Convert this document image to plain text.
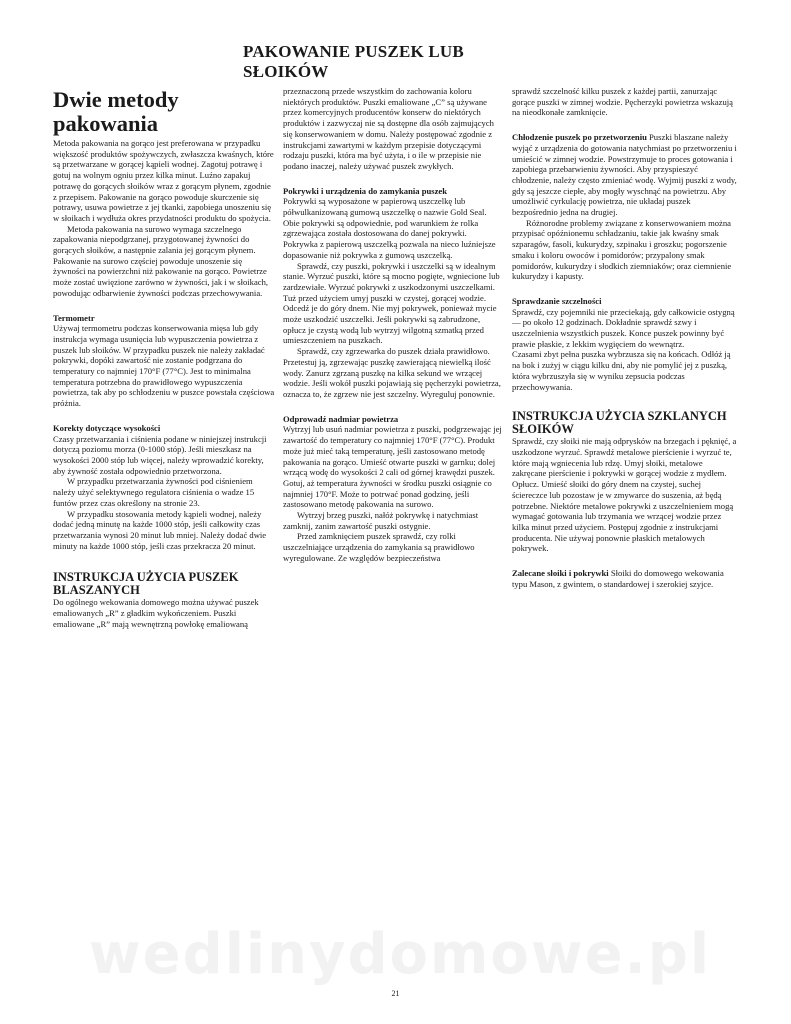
PAKOWANIE PUSZEK LUB
SŁOIKÓW
Dwie metody pakowania

Metoda pakowania na gorąco jest preferowana w przypadku większość produktów spożywczych, zwłaszcza kwaśnych, które są przetwarzane w gorącej kąpieli wodnej. Zagotuj potrawę i gotuj na wolnym ogniu przez kilka minut. Luźno zapakuj potrawę do gorących słoików wraz z gorącym płynem, zgodnie z przepisem. Pakowanie na gorąco powoduje skurczenie się potrawy, usuwa powietrze z jej tkanki, zapobiega unoszeniu się w słoikach i wydłuża okres przydatności produktu do spożycia.

Metoda pakowania na surowo wymaga szczelnego zapakowania niepodgrzanej, przygotowanej żywności do gorących słoików, a następnie zalania jej gorącym płynem. Pakowanie na surowo częściej powoduje unoszenie się żywności na powierzchni niż pakowanie na gorąco. Powietrze może zostać uwięzione zarówno w żywności, jak i w słoikach, powodując odbarwienie żywności podczas przechowywania.

Termometr

Używaj termometru podczas konserwowania mięsa lub gdy instrukcja wymaga usunięcia lub wypuszczenia powietrza z puszek lub słoików. W przypadku puszek nie należy zakładać pokrywki, dopóki zawartość nie zostanie podgrzana do temperatury co najmniej 170°F (77°C). Jest to minimalna temperatura potrzebna do prawidłowego wypuszczenia powietrza, tak aby po schłodzeniu w puszce powstała częściowa próżnia.

Korekty dotyczące wysokości

Czasy przetwarzania i ciśnienia podane w niniejszej instrukcji dotyczą poziomu morza (0-1000 stóp). Jeśli mieszkasz na wysokości 2000 stóp lub więcej, należy wprowadzić korekty, aby żywność została odpowiednio przetworzona.

W przypadku przetwarzania żywności pod ciśnieniem należy użyć selektywnego regulatora ciśnienia o wadze 15 funtów przez czas określony na stronie 23.

W przypadku stosowania metody kąpieli wodnej, należy dodać jedną minutę na każde 1000 stóp, jeśli całkowity czas przetwarzania wynosi 20 minut lub mniej. Należy dodać dwie minuty na każde 1000 stóp, jeśli czas przekracza 20 minut.

INSTRUKCJA UŻYCIA PUSZEK BLASZANYCH

Do ogólnego wekowania domowego można używać puszek emaliowanych „R” z gładkim wykończeniem. Puszki emaliowane „R” mają wewnętrzną powłokę emaliowaną

przeznaczoną przede wszystkim do zachowania koloru niektórych produktów. Puszki emaliowane „C” są używane przez komercyjnych producentów konserw do niektórych produktów i zazwyczaj nie są dostępne dla osób zajmujących się konserwowaniem w domu. Należy postępować zgodnie z instrukcjami zawartymi w każdym przepisie dotyczącymi rodzaju puszki, która ma być użyta, i o ile w przepisie nie podano inaczej, należy używać puszek zwykłych.

Pokrywki i urządzenia do zamykania puszek

Pokrywki są wyposażone w papierową uszczelkę lub półwulkanizowaną gumową uszczelkę o nazwie Gold Seal. Obie pokrywki są odpowiednie, pod warunkiem że rolka zgrzewająca została dostosowana do danej pokrywki. Pokrywka z papierową uszczelką pozwala na nieco luźniejsze dopasowanie niż pokrywka z gumową uszczelką.

Sprawdź, czy puszki, pokrywki i uszczelki są w idealnym stanie. Wyrzuć puszki, które są mocno pogięte, wgniecione lub zardzewiałe. Wyrzuć pokrywki z uszkodzonymi uszczelkami.

Tuż przed użyciem umyj puszki w czystej, gorącej wodzie. Odcedź je do góry dnem. Nie myj pokrywek, ponieważ mycie może uszkodzić uszczelki. Jeśli pokrywki są zabrudzone, opłucz je czystą wodą lub wytrzyj wilgotną szmatką przed umieszczeniem na puszkach.

Sprawdź, czy zgrzewarka do puszek działa prawidłowo. Przetestuj ją, zgrzewając puszkę zawierającą niewielką ilość wody. Zanurz zgrzaną puszkę na kilka sekund we wrzącej wodzie. Jeśli wokół puszki pojawiają się pęcherzyki powietrza, oznacza to, że zgrzew nie jest szczelny. Wyreguluj ponownie.

Odprowadź nadmiar powietrza

Wytrzyj lub usuń nadmiar powietrza z puszki, podgrzewając jej zawartość do temperatury co najmniej 170°F (77°C). Produkt może już mieć taką temperaturę, jeśli zastosowano metodę pakowania na gorąco. Umieść otwarte puszki w garnku; dolej wrzącą wodę do wysokości 2 cali od górnej krawędzi puszek. Gotuj, aż temperatura żywności w środku puszki osiągnie co najmniej 170°F. Może to potrwać ponad godzinę, jeśli zastosowano metodę pakowania na surowo.

Wytrzyj brzeg puszki, nałóż pokrywkę i natychmiast zamknij, zanim zawartość puszki ostygnie.

Przed zamknięciem puszek sprawdź, czy rolki uszczelniające urządzenia do zamykania są prawidłowo wyregulowane. Ze względów bezpieczeństwa

sprawdź szczelność kilku puszek z każdej partii, zanurzając gorące puszki w zimnej wodzie. Pęcherzyki powietrza wskazują na nieodkonałe zamknięcie.

Chłodzenie puszek po przetworzeniu Puszki blaszane należy wyjąć z urządzenia do gotowania natychmiast po przetworzeniu i umieścić w zimnej wodzie. Powstrzymuje to proces gotowania i zapobiega przebarwieniu żywności. Aby przyspieszyć chłodzenie, należy często zmieniać wodę. Wyjmij puszki z wody, gdy są jeszcze ciepłe, aby mogły wyschnąć na powietrzu. Aby umożliwić cyrkulację powietrza, nie układaj puszek bezpośrednio jedna na drugiej.

Różnorodne problemy związane z konserwowaniem można przypisać opóźnionemu schładzaniu, takie jak kwaśny smak szparagów, fasoli, kukurydzy, szpinaku i groszku; pogorszenie smaku i koloru owoców i pomidorów; przypalony smak pomidorów, kukurydzy i słodkich ziemniaków; oraz ciemnienie kukurydzy i kapusty.

Sprawdzanie szczelności

Sprawdź, czy pojemniki nie przeciekają, gdy całkowicie ostygną — po około 12 godzinach. Dokładnie sprawdź szwy i uszczelnienia wszystkich puszek. Konce puszek powinny być prawie płaskie, z lekkim wygięciem do wewnątrz.

Czasami zbyt pełna puszka wybrzusza się na końcach. Odłóż ją na bok i zużyj w ciągu kilku dni, aby nie pomylić jej z puszką, która wybrzuszyła się w wyniku zepsucia podczas przechowywania.

INSTRUKCJA UŻYCIA SZKLANYCH SŁOIKÓW

Sprawdź, czy słoiki nie mają odprysków na brzegach i pęknięć, a uszkodzone wyrzuć. Sprawdź metalowe pierścienie i wyrzuć te, które mają wgniecenia lub rdzę. Umyj słoiki, metalowe zakręcane pierścienie i pokrywki w gorącej wodzie z mydłem. Opłucz. Umieść słoiki do góry dnem na czystej, suchej ściereczce lub pozostaw je w zmywarce do suszenia, aż będą potrzebne. Niektóre metalowe pokrywki z uszczelnieniem mogą wymagać gotowania lub trzymania we wrzącej wodzie przez kilka minut przed użyciem. Postępuj zgodnie z instrukcjami producenta. Nie używaj ponownie płaskich metalowych pokrywek.

Zalecane słoiki i pokrywki Słoiki do domowego wekowania typu Mason, z gwintem, o standardowej i szerokiej szyjce.

wedlinydomowe.pl
21
